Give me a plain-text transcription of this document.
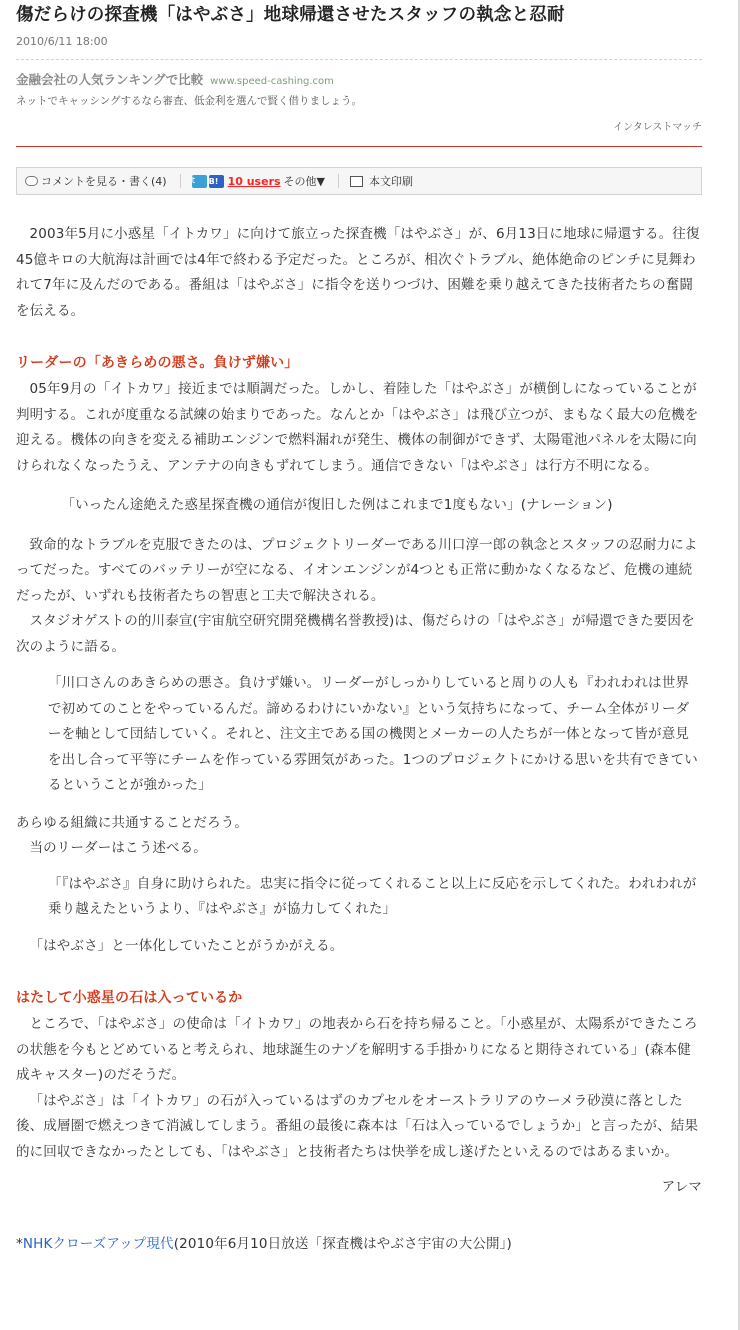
傷だらけの探査機「はやぶさ」地球帰還させたスタッフの執念と忍耐
2010/6/11 18:00
金融会社の人気ランキングで比較 www.speed-cashing.com
ネットでキャッシングするなら審査、低金利を選んで賢く借りましょう。
インタレストマッチ
コメントを見る・書く(4)	t	B! 10 users その他▼	本文印刷

2003年5月に小惑星「イトカワ」に向けて旅立った探査機「はやぶさ」が、6月13日に地球に帰還する。往復45億キロの大航海は計画では4年で終わる予定だった。ところが、相次ぐトラブル、絶体絶命のピンチに見舞われて7年に及んだのである。番組は「はやぶさ」に指令を送りつづけ、困難を乗り越えてきた技術者たちの奮闘を伝える。

リーダーの「あきらめの悪さ。負けず嫌い」

05年9月の「イトカワ」接近までは順調だった。しかし、着陸した「はやぶさ」が横倒しになっていることが判明する。これが度重なる試練の始まりであった。なんとか「はやぶさ」は飛び立つが、まもなく最大の危機を迎える。機体の向きを変える補助エンジンで燃料漏れが発生、機体の制御ができず、太陽電池パネルを太陽に向けられなくなったうえ、アンテナの向きもずれてしまう。通信できない「はやぶさ」は行方不明になる。

「いったん途絶えた惑星探査機の通信が復旧した例はこれまで1度もない」(ナレーション)

致命的なトラブルを克服できたのは、プロジェクトリーダーである川口淳一郎の執念とスタッフの忍耐力によってだった。すべてのバッテリーが空になる、イオンエンジンが4つとも正常に動かなくなるなど、危機の連続だったが、いずれも技術者たちの智恵と工夫で解決される。

スタジオゲストの的川泰宣(宇宙航空研究開発機構名誉教授)は、傷だらけの「はやぶさ」が帰還できた要因を次のように語る。

「川口さんのあきらめの悪さ。負けず嫌い。リーダーがしっかりしていると周りの人も『われわれは世界で初めてのことをやっているんだ。諦めるわけにいかない』という気持ちになって、チーム全体がリーダーを軸として団結していく。それと、注文主である国の機関とメーカーの人たちが一体となって皆が意見を出し合って平等にチームを作っている雰囲気があった。1つのプロジェクトにかける思いを共有できているということが強かった」

あらゆる組織に共通することだろう。

当のリーダーはこう述べる。

「『はやぶさ』自身に助けられた。忠実に指令に従ってくれること以上に反応を示してくれた。われわれが乗り越えたというより、『はやぶさ』が協力してくれた」

「はやぶさ」と一体化していたことがうかがえる。

はたして小惑星の石は入っているか

ところで、「はやぶさ」の使命は「イトカワ」の地表から石を持ち帰ること。「小惑星が、太陽系ができたころの状態を今もとどめていると考えられ、地球誕生のナゾを解明する手掛かりになると期待されている」(森本健成キャスター)のだそうだ。

「はやぶさ」は「イトカワ」の石が入っているはずのカプセルをオーストラリアのウーメラ砂漠に落とした後、成層圏で燃えつきて消滅してしまう。番組の最後に森本は「石は入っているでしょうか」と言ったが、結果的に回収できなかったとしても、「はやぶさ」と技術者たちは快挙を成し遂げたといえるのではあるまいか。

アレマ
*NHKクローズアップ現代(2010年6月10日放送「探査機はやぶさ宇宙の大公開」)
